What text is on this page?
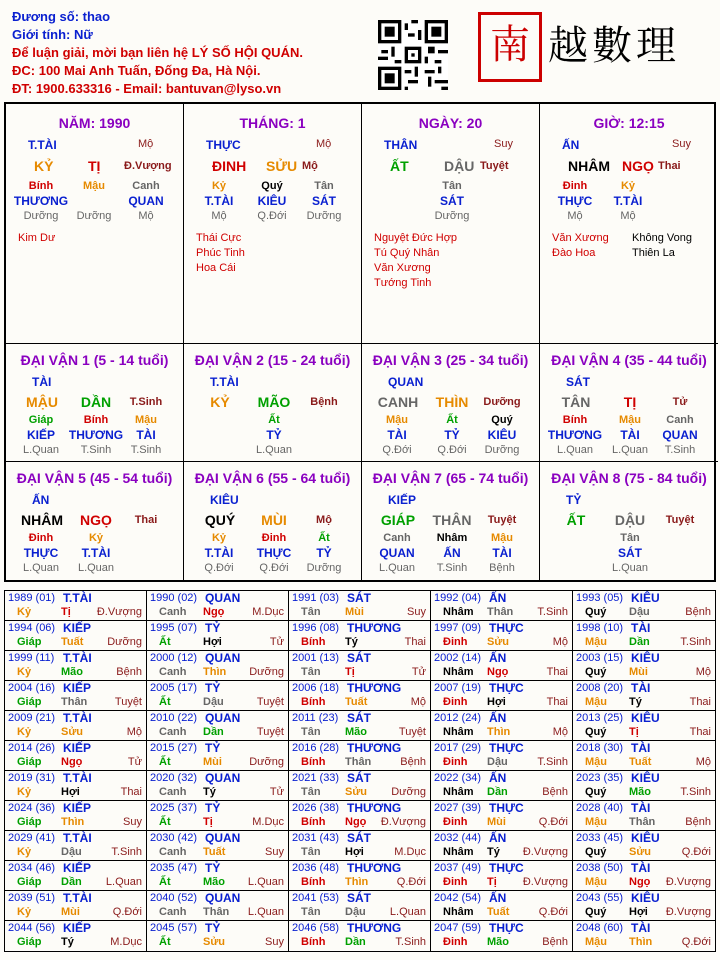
Đương số: thao
Giới tính: Nữ
Để luận giải, mời bạn liên hệ LÝ SỐ HỘI QUÁN.
ĐC: 100 Mai Anh Tuấn, Đống Đa, Hà Nội.
ĐT: 1900.633316 - Email: bantuvan@lyso.vn
南 越數理
NĂM: 1990
T.TÀI	Mộ
KỶ TỊ Đ.Vượng
Bính
THƯƠNG
Dưỡng
Mậu
Dưỡng
Canh
QUAN
Mộ
Kim Dư
THÁNG: 1
THỰC	Mộ
ĐINH SỬU Mộ
Kỷ
T.TÀI
Mộ
Quý
KIÊU
Q.Đới
Tân
SÁT
Dưỡng
Thái Cực
Phúc Tinh
Hoa Cái
NGÀY: 20
THÂN	Suy
ẤT	DẬU Tuyệt
Tân
SÁT
Dưỡng
Nguyệt Đức Hợp
Tú Quý Nhân
Văn Xương
Tướng Tinh
GIỜ: 12:15
ẤN	Suy
NHÂM NGỌ Thai
Đinh
THỰC
Mộ
Kỷ
T.TÀI
Mộ
Văn Xương
Đào Hoa
Không Vong
Thiên La
ĐẠI VẬN 1 (5 - 14 tuổi)
TÀI
MẬU DẦN T.Sinh
Giáp
KIẾP
L.Quan
Bính
THƯƠNG
T.Sinh
Mậu
TÀI
T.Sinh
ĐẠI VẬN 2 (15 - 24 tuổi)
T.TÀI
KỶ MÃO Bệnh
Ất
TỶ
L.Quan
ĐẠI VẬN 3 (25 - 34 tuổi)
QUAN
CANH THÌN Dưỡng
Mậu
TÀI
Q.Đới
Ất
TỶ
Q.Đới
Quý
KIÊU
Dưỡng
ĐẠI VẬN 4 (35 - 44 tuổi)
SÁT
TÂN TỊ	Tử
Bính
THƯƠNG
L.Quan
Mậu
TÀI
L.Quan
Canh
QUAN
T.Sinh
ĐẠI VẬN 5 (45 - 54 tuổi)
ẤN
NHÂM NGỌ Thai
Đinh
THỰC
L.Quan
Kỷ
T.TÀI
L.Quan
ĐẠI VẬN 6 (55 - 64 tuổi)
KIÊU
QUÝ MÙI	Mộ
Kỷ
T.TÀI
Q.Đới
Đinh
THỰC
Q.Đới
Ất
TỶ
Dưỡng
ĐẠI VẬN 7 (65 - 74 tuổi)
KIẾP
GIÁP THÂN Tuyệt
Canh
QUAN
L.Quan
Nhâm
ẤN
T.Sinh
Mậu
TÀI
Bệnh
ĐẠI VẬN 8 (75 - 84 tuổi)
TỶ
ẤT DẬU Tuyệt
Tân
SÁT
L.Quan
1989 (01) T.TÀI
Kỷ	Tị Đ.Vượng
1990 (02) QUAN
Canh Ngọ	M.Dục
1991 (03) SÁT
Tân Mùi	Suy
1992 (04) ẤN
Nhâm Thân T.Sinh
1993 (05) KIÊU
Quý Dậu	Bệnh
1994 (06) KIẾP
Giáp Tuất Dưỡng
1995 (07) TỶ
Ất	Hợi	Tử
1996 (08) THƯƠNG
Bính Tý	Thai
1997 (09) THỰC
Đinh Sửu	Mộ
1998 (10) TÀI
Mậu Dần	T.Sinh
1999 (11) T.TÀI
Kỷ	Mão	Bệnh
2000 (12) QUAN
Canh Thìn Dưỡng
2001 (13) SÁT
Tân Tị	Tử
2002 (14) ẤN
Nhâm Ngọ	Thai
2003 (15) KIÊU
Quý Mùi	Mộ
2004 (16) KIẾP
Giáp Thân	Tuyệt
2005 (17) TỶ
Ất	Dậu	Tuyệt
2006 (18) THƯƠNG
Bính Tuất	Mộ
2007 (19) THỰC
Đinh Hợi	Thai
2008 (20) TÀI
Mậu Tý	Thai
2009 (21) T.TÀI
Kỷ	Sửu	Mộ
2010 (22) QUAN
Canh Dần	Tuyệt
2011 (23) SÁT
Tân Mão	Tuyệt
2012 (24) ẤN
Nhâm Thìn	Mộ
2013 (25) KIÊU
Quý Tị	Thai
2014 (26) KIẾP
Giáp Ngọ	Tử
2015 (27) TỶ
Ất	Mùi Dưỡng
2016 (28) THƯƠNG
Bính Thân	Bệnh
2017 (29) THỰC
Đinh Dậu	T.Sinh
2018 (30) TÀI
Mậu Tuất	Mộ
2019 (31) T.TÀI
Kỷ	Hợi	Thai
2020 (32) QUAN
Canh Tý	Tử
2021 (33) SÁT
Tân Sửu Dưỡng
2022 (34) ẤN
Nhâm Dần	Bệnh
2023 (35) KIÊU
Quý Mão	T.Sinh
2024 (36) KIẾP
Giáp Thìn	Suy
2025 (37) TỶ
Ất	Tị	M.Dục
2026 (38) THƯƠNG
Bính Ngọ Đ.Vượng
2027 (39) THỰC
Đinh Mùi	Q.Đới
2028 (40) TÀI
Mậu Thân	Bệnh
2029 (41) T.TÀI
Kỷ	Dậu	T.Sinh
2030 (42) QUAN
Canh Tuất	Suy
2031 (43) SÁT
Tân Hợi	M.Dục
2032 (44) ẤN
Nhâm Tý Đ.Vượng
2033 (45) KIÊU
Quý Sửu	Q.Đới
2034 (46) KIẾP
Giáp Dần L.Quan
2035 (47) TỶ
Ất	Mão L.Quan
2036 (48) THƯƠNG
Bính Thìn	Q.Đới
2037 (49) THỰC
Đinh Tị Đ.Vượng
2038 (50) TÀI
Mậu Ngọ Đ.Vượng
2039 (51) T.TÀI
Kỷ	Mùi	Q.Đới
2040 (52) QUAN
Canh Thân L.Quan
2041 (53) SÁT
Tân Dậu L.Quan
2042 (54) ẤN
Nhâm Tuất	Q.Đới
2043 (55) KIÊU
Quý Hợi Đ.Vượng
2044 (56) KIẾP
Giáp Tý	M.Dục
2045 (57) TỶ
Ất	Sửu	Suy
2046 (58) THƯƠNG
Bính Dần	T.Sinh
2047 (59) THỰC
Đinh Mão	Bệnh
2048 (60) TÀI
Mậu Thìn	Q.Đới
